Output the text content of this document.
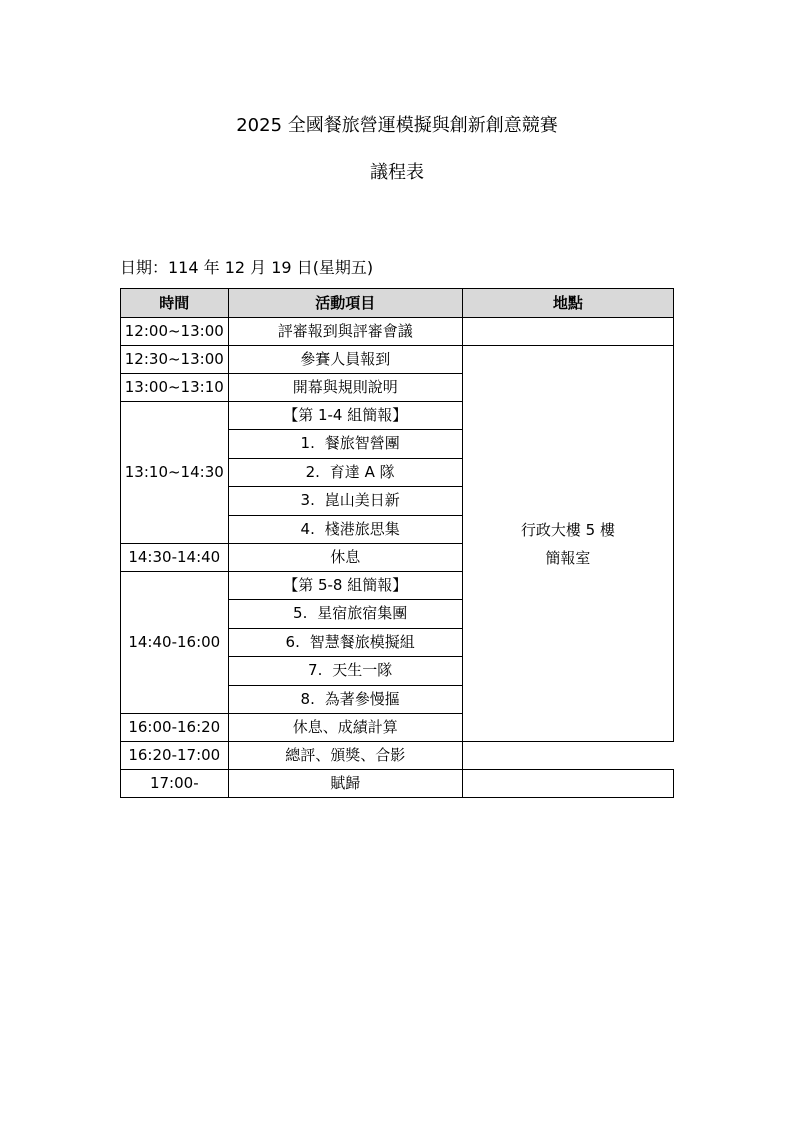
2025 全國餐旅營運模擬與創新創意競賽
議程表
日期：114 年 12 月 19 日(星期五)
時間	活動項目	地點
12:00~13:00	評審報到與評審會議	
12:30~13:00	參賽人員報到	行政大樓 5 樓
簡報室

13:00~13:10	開幕與規則說明	
13:10~14:30	【第 1-4 組簡報】	
	1. 餐旅智營團	
	2. 育達 A 隊	
	3. 崑山美日新	
	4. 棧港旅思集	
14:30-14:40	休息	
14:40-16:00	【第 5-8 組簡報】	
	5. 星宿旅宿集團	
	6. 智慧餐旅模擬組	
	7. 天生一隊	
	8. 為著參慢摳	
16:00-16:20	休息、成績計算	
16:20-17:00	總評、頒獎、合影	
17:00-	賦歸	
